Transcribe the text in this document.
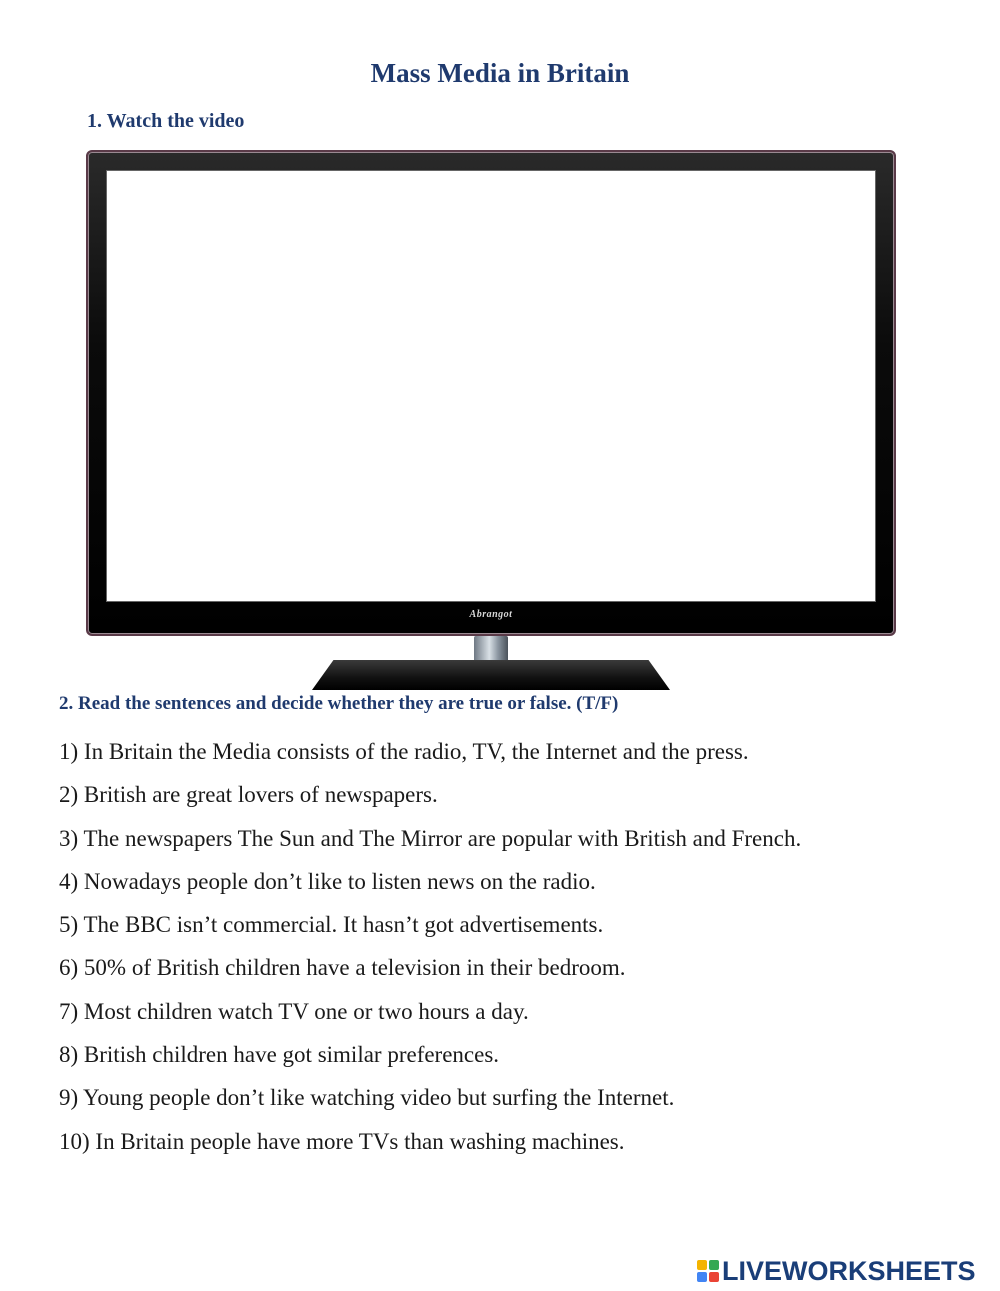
Mass Media in Britain
1. Watch the video
Abrangot
2. Read the sentences and decide whether they are true or false. (T/F)
1) In Britain the Media consists of the radio, TV, the Internet and the press.
2) British are great lovers of newspapers.
3) The newspapers The Sun and The Mirror are popular with British and French.
4) Nowadays people don’t like to listen news on the radio.
5) The BBC isn’t commercial. It hasn’t got advertisements.
6) 50% of British children have a television in their bedroom.
7) Most children watch TV one or two hours a day.
8) British children have got similar preferences.
9) Young people don’t like watching video but surfing the Internet.
10) In Britain people have more TVs than washing machines.
LIVEWORKSHEETS
